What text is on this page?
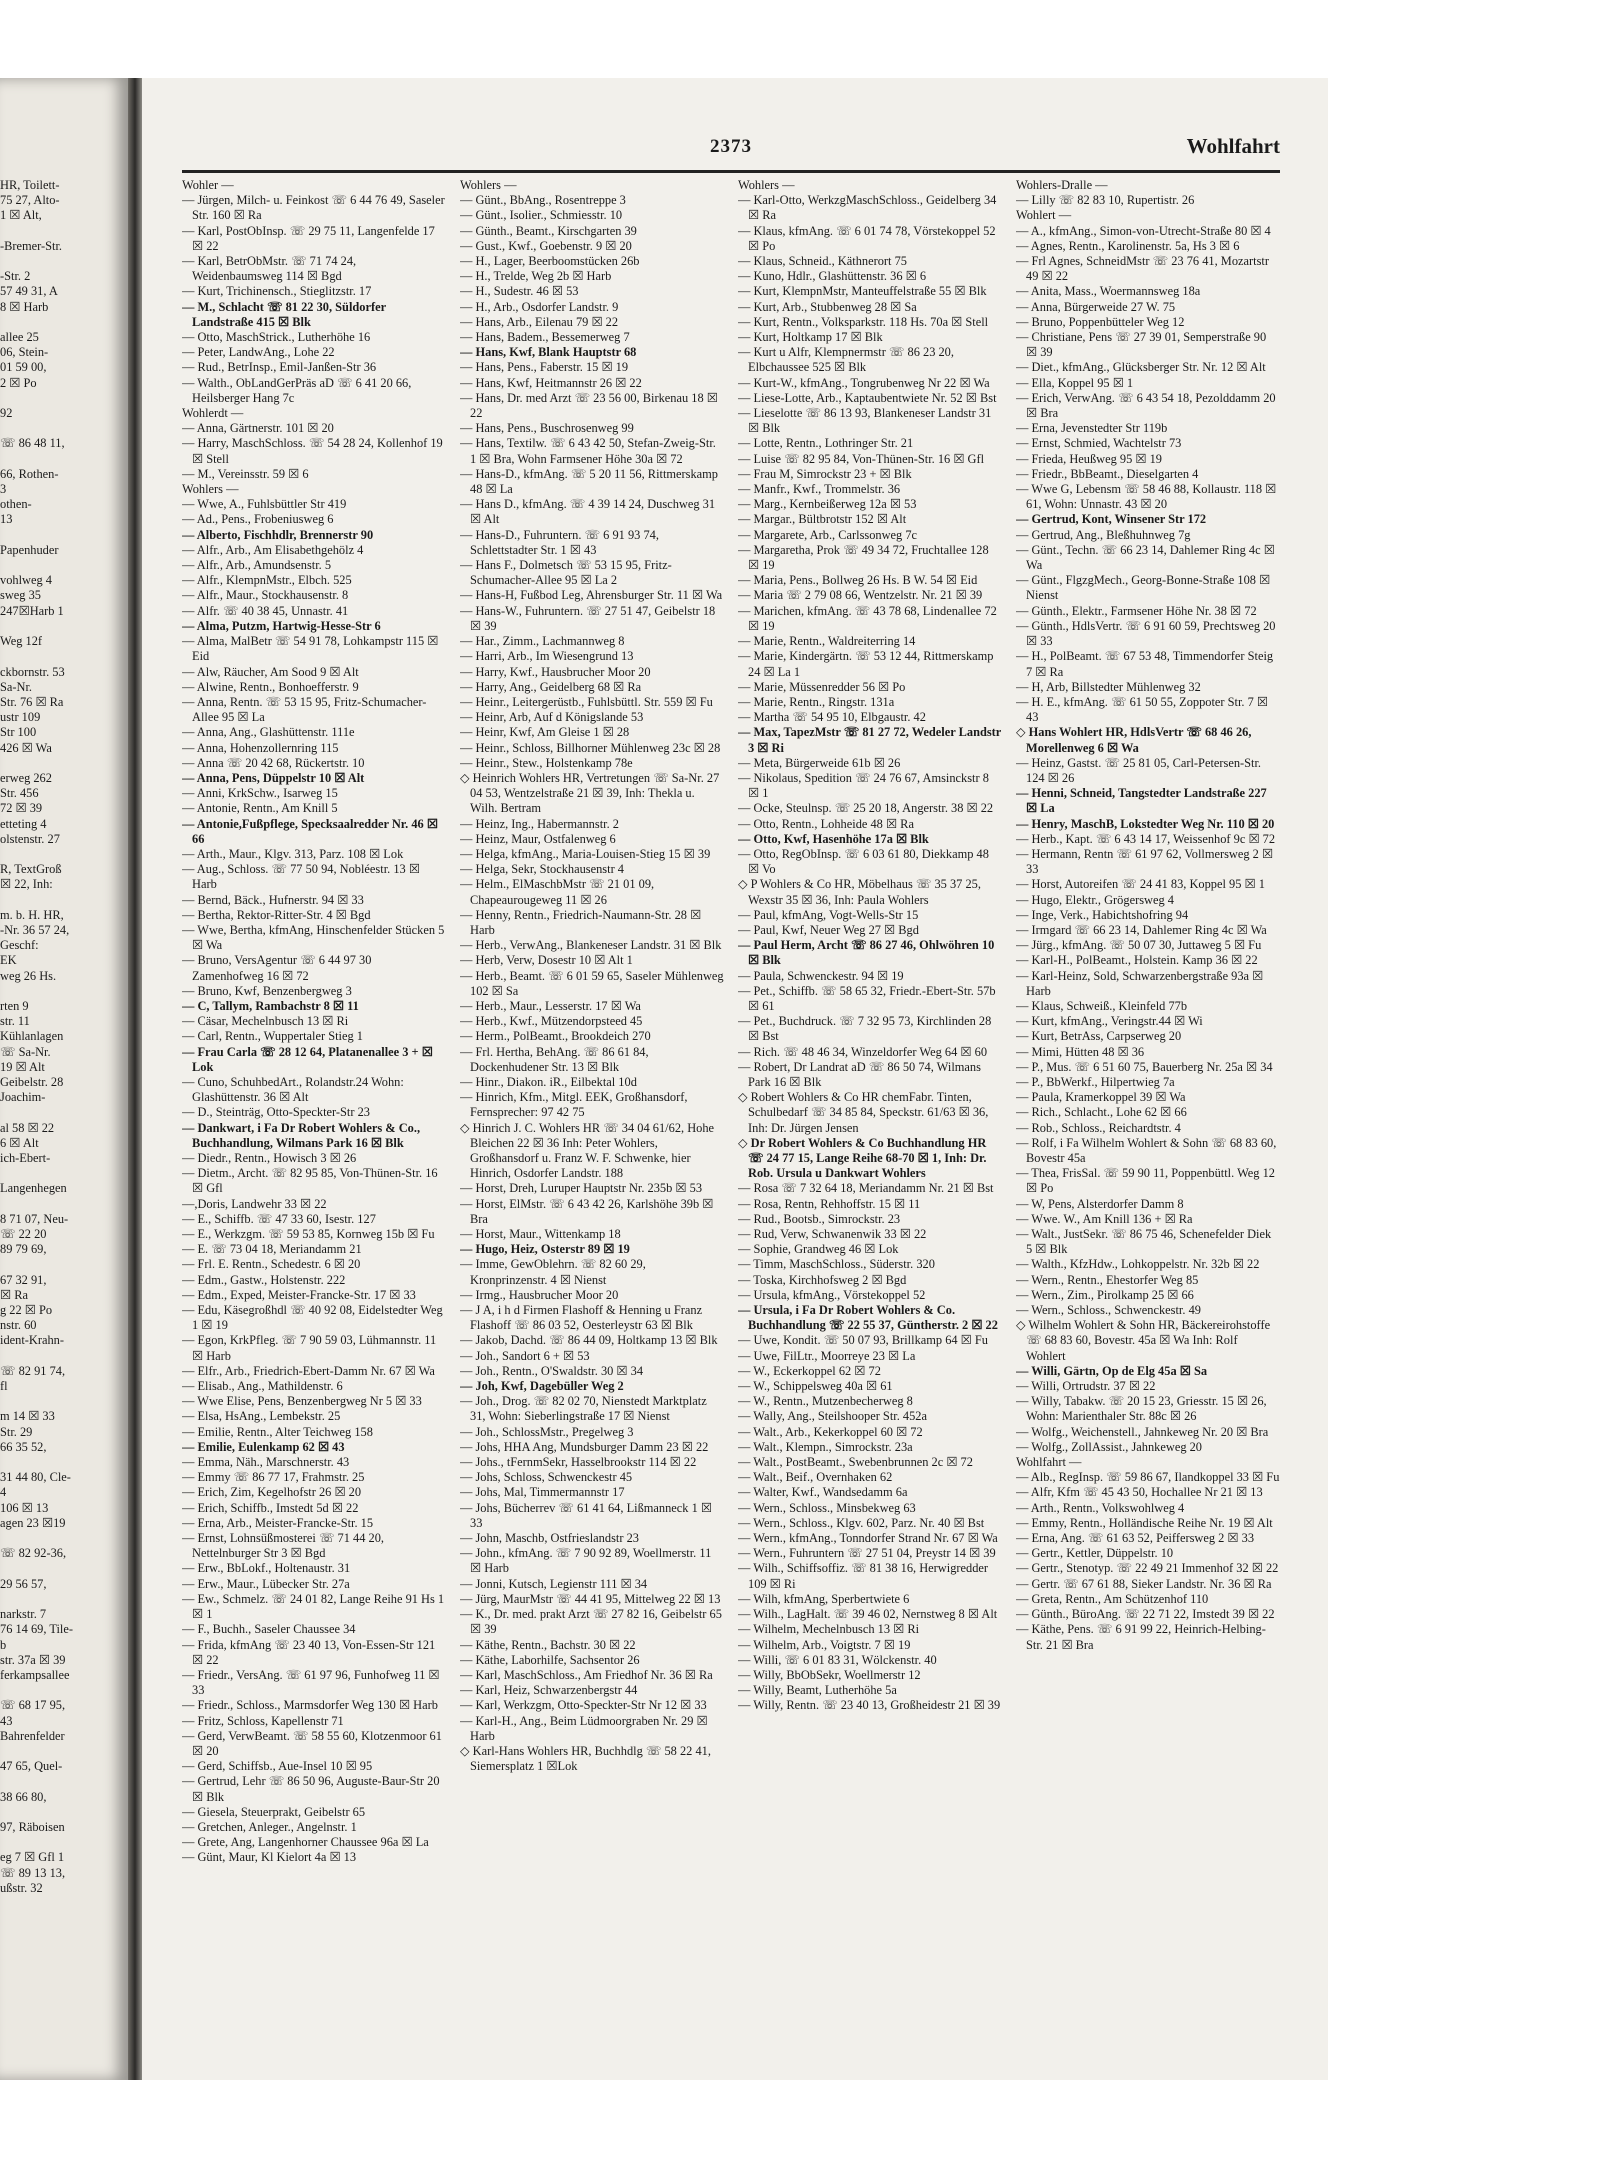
HR, Toilett-

75 27, Alto-

1 ☒ Alt,

-Bremer-Str.

-Str. 2

57 49 31, A

8 ☒ Harb

allee 25

06, Stein-

01 59 00,

2 ☒ Po

92

☏ 86 48 11,

66, Rothen-

3

othen-

13

Papenhuder

vohlweg 4

sweg 35

247☒Harb 1

Weg 12f

ckbornstr. 53

Sa-Nr.

Str. 76 ☒ Ra

ustr 109

Str 100

426 ☒ Wa

erweg 262

Str. 456

72 ☒ 39

etteting 4

olstenstr. 27

R, TextGroß

☒ 22, Inh:

m. b. H. HR,

-Nr. 36 57 24,

Geschf:

EK

weg 26 Hs.

rten 9

str. 11

Kühlanlagen

☏ Sa-Nr.

19 ☒ Alt

Geibelstr. 28

Joachim-

al 58 ☒ 22

6 ☒ Alt

ich-Ebert-

Langenhegen

8 71 07, Neu-

☏ 22 20

89 79 69,

67 32 91,

☒ Ra

g 22 ☒ Po

nstr. 60

ident-Krahn-

☏ 82 91 74,

fl

m 14 ☒ 33

Str. 29

66 35 52,

31 44 80, Cle-

4

106 ☒ 13

agen 23 ☒19

☏ 82 92-36,

29 56 57,

narkstr. 7

76 14 69, Tile-

b

str. 37a ☒ 39

ferkampsallee

☏ 68 17 95,

43

Bahrenfelder

47 65, Quel-

38 66 80,

97, Räboisen

eg 7 ☒ Gfl 1

☏ 89 13 13,

ußstr. 32

2373	Wohlfahrt

Wohler —

— Jürgen, Milch- u. Feinkost ☏ 6 44 76 49, Saseler Str. 160 ☒ Ra

— Karl, PostObInsp. ☏ 29 75 11, Langenfelde 17 ☒ 22

— Karl, BetrObMstr. ☏ 71 74 24, Weidenbaumsweg 114 ☒ Bgd

— Kurt, Trichinensch., Stieglitzstr. 17

— M., Schlacht ☏ 81 22 30, Süldorfer Landstraße 415 ☒ Blk

— Otto, MaschStrick., Lutherhöhe 16

— Peter, LandwAng., Lohe 22

— Rud., BetrInsp., Emil-Janßen-Str 36

— Walth., ObLandGerPräs aD ☏ 6 41 20 66, Heilsberger Hang 7c

Wohlerdt —

— Anna, Gärtnerstr. 101 ☒ 20

— Harry, MaschSchloss. ☏ 54 28 24, Kollenhof 19 ☒ Stell

— M., Vereinsstr. 59 ☒ 6

Wohlers —

— Wwe, A., Fuhlsbüttler Str 419

— Ad., Pens., Frobeniusweg 6

— Alberto, Fischhdlr, Brennerstr 90

— Alfr., Arb., Am Elisabethgehölz 4

— Alfr., Arb., Amundsenstr. 5

— Alfr., KlempnMstr., Elbch. 525

— Alfr., Maur., Stockhausenstr. 8

— Alfr. ☏ 40 38 45, Unnastr. 41

— Alma, Putzm, Hartwig-Hesse-Str 6

— Alma, MalBetr ☏ 54 91 78, Lohkampstr 115 ☒ Eid

— Alw, Räucher, Am Sood 9 ☒ Alt

— Alwine, Rentn., Bonhoefferstr. 9

— Anna, Rentn. ☏ 53 15 95, Fritz-Schumacher-Allee 95 ☒ La

— Anna, Ang., Glashüttenstr. 111e

— Anna, Hohenzollernring 115

— Anna ☏ 20 42 68, Rückertstr. 10

— Anna, Pens, Düppelstr 10 ☒ Alt

— Anni, KrkSchw., Isarweg 15

— Antonie, Rentn., Am Knill 5

— Antonie,Fußpflege, Specksaalredder Nr. 46 ☒ 66

— Arth., Maur., Klgv. 313, Parz. 108 ☒ Lok

— Aug., Schloss. ☏ 77 50 94, Nobléestr. 13 ☒ Harb

— Bernd, Bäck., Hufnerstr. 94 ☒ 33

— Bertha, Rektor-Ritter-Str. 4 ☒ Bgd

— Wwe, Bertha, kfmAng, Hinschenfelder Stücken 5 ☒ Wa

— Bruno, VersAgentur ☏ 6 44 97 30 Zamenhofweg 16 ☒ 72

— Bruno, Kwf, Benzenbergweg 3

— C, Tallym, Rambachstr 8 ☒ 11

— Cäsar, Mechelnbusch 13 ☒ Ri

— Carl, Rentn., Wuppertaler Stieg 1

— Frau Carla ☏ 28 12 64, Platanenallee 3 + ☒ Lok

— Cuno, SchuhbedArt., Rolandstr.24 Wohn: Glashüttenstr. 36 ☒ Alt

— D., Steinträg, Otto-Speckter-Str 23

— Dankwart, i Fa Dr Robert Wohlers & Co., Buchhandlung, Wilmans Park 16 ☒ Blk

— Diedr., Rentn., Howisch 3 ☒ 26

— Dietm., Archt. ☏ 82 95 85, Von-Thünen-Str. 16 ☒ Gfl

—,Doris, Landwehr 33 ☒ 22

— E., Schiffb. ☏ 47 33 60, Isestr. 127

— E., Werkzgm. ☏ 59 53 85, Kornweg 15b ☒ Fu

— E. ☏ 73 04 18, Meriandamm 21

— Frl. E. Rentn., Schedestr. 6 ☒ 20

— Edm., Gastw., Holstenstr. 222

— Edm., Exped, Meister-Francke-Str. 17 ☒ 33

— Edu, Käsegroßhdl ☏ 40 92 08, Eidelstedter Weg 1 ☒ 19

— Egon, KrkPfleg. ☏ 7 90 59 03, Lühmannstr. 11 ☒ Harb

— Elfr., Arb., Friedrich-Ebert-Damm Nr. 67 ☒ Wa

— Elisab., Ang., Mathildenstr. 6

— Wwe Elise, Pens, Benzenbergweg Nr 5 ☒ 33

— Elsa, HsAng., Lembekstr. 25

— Emilie, Rentn., Alter Teichweg 158

— Emilie, Eulenkamp 62 ☒ 43

— Emma, Näh., Marschnerstr. 43

— Emmy ☏ 86 77 17, Frahmstr. 25

— Erich, Zim, Kegelhofstr 26 ☒ 20

— Erich, Schiffb., Imstedt 5d ☒ 22

— Erna, Arb., Meister-Francke-Str. 15

— Ernst, Lohnsüßmosterei ☏ 71 44 20, Nettelnburger Str 3 ☒ Bgd

— Erw., BbLokf., Holtenaustr. 31

— Erw., Maur., Lübecker Str. 27a

— Ew., Schmelz. ☏ 24 01 82, Lange Reihe 91 Hs 1 ☒ 1

— F., Buchh., Saseler Chaussee 34

— Frida, kfmAng ☏ 23 40 13, Von-Essen-Str 121 ☒ 22

— Friedr., VersAng. ☏ 61 97 96, Funhofweg 11 ☒ 33

— Friedr., Schloss., Marmsdorfer Weg 130 ☒ Harb

— Fritz, Schloss, Kapellenstr 71

— Gerd, VerwBeamt. ☏ 58 55 60, Klotzenmoor 61 ☒ 20

— Gerd, Schiffsb., Aue-Insel 10 ☒ 95

— Gertrud, Lehr ☏ 86 50 96, Auguste-Baur-Str 20 ☒ Blk

— Giesela, Steuerprakt, Geibelstr 65

— Gretchen, Anleger., Angelnstr. 1

— Grete, Ang, Langenhorner Chaussee 96a ☒ La

— Günt, Maur, Kl Kielort 4a ☒ 13

Wohlers —

— Günt., BbAng., Rosentreppe 3

— Günt., Isolier., Schmiesstr. 10

— Günth., Beamt., Kirschgarten 39

— Gust., Kwf., Goebenstr. 9 ☒ 20

— H., Lager, Beerboomstücken 26b

— H., Trelde, Weg 2b ☒ Harb

— H., Sudestr. 46 ☒ 53

— H., Arb., Osdorfer Landstr. 9

— Hans, Arb., Eilenau 79 ☒ 22

— Hans, Badem., Bessemerweg 7

— Hans, Kwf, Blank Hauptstr 68

— Hans, Pens., Faberstr. 15 ☒ 19

— Hans, Kwf, Heitmannstr 26 ☒ 22

— Hans, Dr. med Arzt ☏ 23 56 00, Birkenau 18 ☒ 22

— Hans, Pens., Buschrosenweg 99

— Hans, Textilw. ☏ 6 43 42 50, Stefan-Zweig-Str. 1 ☒ Bra, Wohn Farmsener Höhe 30a ☒ 72

— Hans-D., kfmAng. ☏ 5 20 11 56, Rittmerskamp 48 ☒ La

— Hans D., kfmAng. ☏ 4 39 14 24, Duschweg 31 ☒ Alt

— Hans-D., Fuhruntern. ☏ 6 91 93 74, Schlettstadter Str. 1 ☒ 43

— Hans F., Dolmetsch ☏ 53 15 95, Fritz-Schumacher-Allee 95 ☒ La 2

— Hans-H, Fußbod Leg, Ahrensburger Str. 11 ☒ Wa

— Hans-W., Fuhruntern. ☏ 27 51 47, Geibelstr 18 ☒ 39

— Har., Zimm., Lachmannweg 8

— Harri, Arb., Im Wiesengrund 13

— Harry, Kwf., Hausbrucher Moor 20

— Harry, Ang., Geidelberg 68 ☒ Ra

— Heinr., Leitergerüstb., Fuhlsbüttl. Str. 559 ☒ Fu

— Heinr, Arb, Auf d Königslande 53

— Heinr, Kwf, Am Gleise 1 ☒ 28

— Heinr., Schloss, Billhorner Mühlenweg 23c ☒ 28

— Heinr., Stew., Holstenkamp 78e

◇ Heinrich Wohlers HR, Vertretungen ☏ Sa-Nr. 27 04 53, Wentzelstraße 21 ☒ 39, Inh: Thekla u. Wilh. Bertram

— Heinz, Ing., Habermannstr. 2

— Heinz, Maur, Ostfalenweg 6

— Helga, kfmAng., Maria-Louisen-Stieg 15 ☒ 39

— Helga, Sekr, Stockhausenstr 4

— Helm., ElMaschbMstr ☏ 21 01 09, Chapeaurougeweg 11 ☒ 26

— Henny, Rentn., Friedrich-Naumann-Str. 28 ☒ Harb

— Herb., VerwAng., Blankeneser Landstr. 31 ☒ Blk

— Herb, Verw, Dosestr 10 ☒ Alt 1

— Herb., Beamt. ☏ 6 01 59 65, Saseler Mühlenweg 102 ☒ Sa

— Herb., Maur., Lesserstr. 17 ☒ Wa

— Herb., Kwf., Mützendorpsteed 45

— Herm., PolBeamt., Brookdeich 270

— Frl. Hertha, BehAng. ☏ 86 61 84, Dockenhudener Str. 13 ☒ Blk

— Hinr., Diakon. iR., Eilbektal 10d

— Hinrich, Kfm., Mitgl. EEK, Großhansdorf, Fernsprecher: 97 42 75

◇ Hinrich J. C. Wohlers HR ☏ 34 04 61/62, Hohe Bleichen 22 ☒ 36 Inh: Peter Wohlers, Großhansdorf u. Franz W. F. Schwenke, hier Hinrich, Osdorfer Landstr. 188

— Horst, Dreh, Luruper Hauptstr Nr. 235b ☒ 53

— Horst, ElMstr. ☏ 6 43 42 26, Karlshöhe 39b ☒ Bra

— Horst, Maur., Wittenkamp 18

— Hugo, Heiz, Osterstr 89 ☒ 19

— Imme, GewOblehrn. ☏ 82 60 29, Kronprinzenstr. 4 ☒ Nienst

— Irmg., Hausbrucher Moor 20

— J A, i h d Firmen Flashoff & Henning u Franz Flashoff ☏ 86 03 52, Oesterleystr 63 ☒ Blk

— Jakob, Dachd. ☏ 86 44 09, Holtkamp 13 ☒ Blk

— Joh., Sandort 6 + ☒ 53

— Joh., Rentn., O'Swaldstr. 30 ☒ 34

— Joh, Kwf, Dagebüller Weg 2

— Joh., Drog. ☏ 82 02 70, Nienstedt Marktplatz 31, Wohn: Sieberlingstraße 17 ☒ Nienst

— Joh., SchlossMstr., Pregelweg 3

— Johs, HHA Ang, Mundsburger Damm 23 ☒ 22

— Johs., tFernmSekr, Hasselbrookstr 114 ☒ 22

— Johs, Schloss, Schwenckestr 45

— Johs, Mal, Timmermannstr 17

— Johs, Bücherrev ☏ 61 41 64, Lißmanneck 1 ☒ 33

— John, Maschb, Ostfrieslandstr 23

— John., kfmAng. ☏ 7 90 92 89, Woellmerstr. 11 ☒ Harb

— Jonni, Kutsch, Legienstr 111 ☒ 34

— Jürg, MaurMstr ☏ 44 41 95, Mittelweg 22 ☒ 13

— K., Dr. med. prakt Arzt ☏ 27 82 16, Geibelstr 65 ☒ 39

— Käthe, Rentn., Bachstr. 30 ☒ 22

— Käthe, Laborhilfe, Sachsentor 26

— Karl, MaschSchloss., Am Friedhof Nr. 36 ☒ Ra

— Karl, Heiz, Schwarzenbergstr 44

— Karl, Werkzgm, Otto-Speckter-Str Nr 12 ☒ 33

— Karl-H., Ang., Beim Lüdmoorgraben Nr. 29 ☒ Harb

◇ Karl-Hans Wohlers HR, Buchhdlg ☏ 58 22 41, Siemersplatz 1 ☒Lok

Wohlers —

— Karl-Otto, WerkzgMaschSchloss., Geidelberg 34 ☒ Ra

— Klaus, kfmAng. ☏ 6 01 74 78, Vörstekoppel 52 ☒ Po

— Klaus, Schneid., Käthnerort 75

— Kuno, Hdlr., Glashüttenstr. 36 ☒ 6

— Kurt, KlempnMstr, Manteuffelstraße 55 ☒ Blk

— Kurt, Arb., Stubbenweg 28 ☒ Sa

— Kurt, Rentn., Volksparkstr. 118 Hs. 70a ☒ Stell

— Kurt, Holtkamp 17 ☒ Blk

— Kurt u Alfr, Klempnermstr ☏ 86 23 20, Elbchaussee 525 ☒ Blk

— Kurt-W., kfmAng., Tongrubenweg Nr 22 ☒ Wa

— Liese-Lotte, Arb., Kaptaubentwiete Nr. 52 ☒ Bst

— Lieselotte ☏ 86 13 93, Blankeneser Landstr 31 ☒ Blk

— Lotte, Rentn., Lothringer Str. 21

— Luise ☏ 82 95 84, Von-Thünen-Str. 16 ☒ Gfl

— Frau M, Simrockstr 23 + ☒ Blk

— Manfr., Kwf., Trommelstr. 36

— Marg., Kernbeißerweg 12a ☒ 53

— Margar., Bültbrotstr 152 ☒ Alt

— Margarete, Arb., Carlssonweg 7c

— Margaretha, Prok ☏ 49 34 72, Fruchtallee 128 ☒ 19

— Maria, Pens., Bollweg 26 Hs. B W. 54 ☒ Eid

— Maria ☏ 2 79 08 66, Wentzelstr. Nr. 21 ☒ 39

— Marichen, kfmAng. ☏ 43 78 68, Lindenallee 72 ☒ 19

— Marie, Rentn., Waldreiterring 14

— Marie, Kindergärtn. ☏ 53 12 44, Rittmerskamp 24 ☒ La 1

— Marie, Müssenredder 56 ☒ Po

— Marie, Rentn., Ringstr. 131a

— Martha ☏ 54 95 10, Elbgaustr. 42

— Max, TapezMstr ☏ 81 27 72, Wedeler Landstr 3 ☒ Ri

— Meta, Bürgerweide 61b ☒ 26

— Nikolaus, Spedition ☏ 24 76 67, Amsinckstr 8 ☒ 1

— Ocke, Steulnsp. ☏ 25 20 18, Angerstr. 38 ☒ 22

— Otto, Rentn., Lohheide 48 ☒ Ra

— Otto, Kwf, Hasenhöhe 17a ☒ Blk

— Otto, RegObInsp. ☏ 6 03 61 80, Diekkamp 48 ☒ Vo

◇ P Wohlers & Co HR, Möbelhaus ☏ 35 37 25, Wexstr 35 ☒ 36, Inh: Paula Wohlers

— Paul, kfmAng, Vogt-Wells-Str 15

— Paul, Kwf, Neuer Weg 27 ☒ Bgd

— Paul Herm, Archt ☏ 86 27 46, Ohlwöhren 10 ☒ Blk

— Paula, Schwenckestr. 94 ☒ 19

— Pet., Schiffb. ☏ 58 65 32, Friedr.-Ebert-Str. 57b ☒ 61

— Pet., Buchdruck. ☏ 7 32 95 73, Kirchlinden 28 ☒ Bst

— Rich. ☏ 48 46 34, Winzeldorfer Weg 64 ☒ 60

— Robert, Dr Landrat aD ☏ 86 50 74, Wilmans Park 16 ☒ Blk

◇ Robert Wohlers & Co HR chemFabr. Tinten, Schulbedarf ☏ 34 85 84, Speckstr. 61/63 ☒ 36, Inh: Dr. Jürgen Jensen

◇ Dr Robert Wohlers & Co Buchhandlung HR ☏ 24 77 15, Lange Reihe 68-70 ☒ 1, Inh: Dr. Rob. Ursula u Dankwart Wohlers

— Rosa ☏ 7 32 64 18, Meriandamm Nr. 21 ☒ Bst

— Rosa, Rentn, Rehhoffstr. 15 ☒ 11

— Rud., Bootsb., Simrockstr. 23

— Rud, Verw, Schwanenwik 33 ☒ 22

— Sophie, Grandweg 46 ☒ Lok

— Timm, MaschSchloss., Süderstr. 320

— Toska, Kirchhofsweg 2 ☒ Bgd

— Ursula, kfmAng., Vörstekoppel 52

— Ursula, i Fa Dr Robert Wohlers & Co. Buchhandlung ☏ 22 55 37, Güntherstr. 2 ☒ 22

— Uwe, Kondit. ☏ 50 07 93, Brillkamp 64 ☒ Fu

— Uwe, FilLtr., Moorreye 23 ☒ La

— W., Eckerkoppel 62 ☒ 72

— W., Schippelsweg 40a ☒ 61

— W., Rentn., Mutzenbecherweg 8

— Wally, Ang., Steilshooper Str. 452a

— Walt., Arb., Kekerkoppel 60 ☒ 72

— Walt., Klempn., Simrockstr. 23a

— Walt., PostBeamt., Swebenbrunnen 2c ☒ 72

— Walt., Beif., Overnhaken 62

— Walter, Kwf., Wandsedamm 6a

— Wern., Schloss., Minsbekweg 63

— Wern., Schloss., Klgv. 602, Parz. Nr. 40 ☒ Bst

— Wern., kfmAng., Tonndorfer Strand Nr. 67 ☒ Wa

— Wern., Fuhruntern ☏ 27 51 04, Preystr 14 ☒ 39

— Wilh., Schiffsoffiz. ☏ 81 38 16, Herwigredder 109 ☒ Ri

— Wilh, kfmAng, Sperbertwiete 6

— Wilh., LagHalt. ☏ 39 46 02, Nernstweg 8 ☒ Alt

— Wilhelm, Mechelnbusch 13 ☒ Ri

— Wilhelm, Arb., Voigtstr. 7 ☒ 19

— Willi, ☏ 6 01 83 31, Wölckenstr. 40

— Willy, BbObSekr, Woellmerstr 12

— Willy, Beamt, Lutherhöhe 5a

— Willy, Rentn. ☏ 23 40 13, Großheidestr 21 ☒ 39

Wohlers-Dralle —

— Lilly ☏ 82 83 10, Rupertistr. 26

Wohlert —

— A., kfmAng., Simon-von-Utrecht-Straße 80 ☒ 4

— Agnes, Rentn., Karolinenstr. 5a, Hs 3 ☒ 6

— Frl Agnes, SchneidMstr ☏ 23 76 41, Mozartstr 49 ☒ 22

— Anita, Mass., Woermannsweg 18a

— Anna, Bürgerweide 27 W. 75

— Bruno, Poppenbütteler Weg 12

— Christiane, Pens ☏ 27 39 01, Semperstraße 90 ☒ 39

— Diet., kfmAng., Glücksberger Str. Nr. 12 ☒ Alt

— Ella, Koppel 95 ☒ 1

— Erich, VerwAng. ☏ 6 43 54 18, Pezolddamm 20 ☒ Bra

— Erna, Jevenstedter Str 119b

— Ernst, Schmied, Wachtelstr 73

— Frieda, Heußweg 95 ☒ 19

— Friedr., BbBeamt., Dieselgarten 4

— Wwe G, Lebensm ☏ 58 46 88, Kollaustr. 118 ☒ 61, Wohn: Unnastr. 43 ☒ 20

— Gertrud, Kont, Winsener Str 172

— Gertrud, Ang., Bleßhuhnweg 7g

— Günt., Techn. ☏ 66 23 14, Dahlemer Ring 4c ☒ Wa

— Günt., FlgzgMech., Georg-Bonne-Straße 108 ☒ Nienst

— Günth., Elektr., Farmsener Höhe Nr. 38 ☒ 72

— Günth., HdlsVertr. ☏ 6 91 60 59, Prechtsweg 20 ☒ 33

— H., PolBeamt. ☏ 67 53 48, Timmendorfer Steig 7 ☒ Ra

— H, Arb, Billstedter Mühlenweg 32

— H. E., kfmAng. ☏ 61 50 55, Zoppoter Str. 7 ☒ 43

◇ Hans Wohlert HR, HdlsVertr ☏ 68 46 26, Morellenweg 6 ☒ Wa

— Heinz, Gastst. ☏ 25 81 05, Carl-Petersen-Str. 124 ☒ 26

— Henni, Schneid, Tangstedter Landstraße 227 ☒ La

— Henry, MaschB, Lokstedter Weg Nr. 110 ☒ 20

— Herb., Kapt. ☏ 6 43 14 17, Weissenhof 9c ☒ 72

— Hermann, Rentn ☏ 61 97 62, Vollmersweg 2 ☒ 33

— Horst, Autoreifen ☏ 24 41 83, Koppel 95 ☒ 1

— Hugo, Elektr., Grögersweg 4

— Inge, Verk., Habichtshofring 94

— Irmgard ☏ 66 23 14, Dahlemer Ring 4c ☒ Wa

— Jürg., kfmAng. ☏ 50 07 30, Juttaweg 5 ☒ Fu

— Karl-H., PolBeamt., Holstein. Kamp 36 ☒ 22

— Karl-Heinz, Sold, Schwarzenbergstraße 93a ☒ Harb

— Klaus, Schweiß., Kleinfeld 77b

— Kurt, kfmAng., Veringstr.44 ☒ Wi

— Kurt, BetrAss, Carpserweg 20

— Mimi, Hütten 48 ☒ 36

— P., Mus. ☏ 6 51 60 75, Bauerberg Nr. 25a ☒ 34

— P., BbWerkf., Hilpertwieg 7a

— Paula, Kramerkoppel 39 ☒ Wa

— Rich., Schlacht., Lohe 62 ☒ 66

— Rob., Schloss., Reichardtstr. 4

— Rolf, i Fa Wilhelm Wohlert & Sohn ☏ 68 83 60, Bovestr 45a

— Thea, FrisSal. ☏ 59 90 11, Poppenbüttl. Weg 12 ☒ Po

— W, Pens, Alsterdorfer Damm 8

— Wwe. W., Am Knill 136 + ☒ Ra

— Walt., JustSekr. ☏ 86 75 46, Schenefelder Diek 5 ☒ Blk

— Walth., KfzHdw., Lohkoppelstr. Nr. 32b ☒ 22

— Wern., Rentn., Ehestorfer Weg 85

— Wern., Zim., Pirolkamp 25 ☒ 66

— Wern., Schloss., Schwenckestr. 49

◇ Wilhelm Wohlert & Sohn HR, Bäckereirohstoffe ☏ 68 83 60, Bovestr. 45a ☒ Wa Inh: Rolf Wohlert

— Willi, Gärtn, Op de Elg 45a ☒ Sa

— Willi, Ortrudstr. 37 ☒ 22

— Willy, Tabakw. ☏ 20 15 23, Griesstr. 15 ☒ 26, Wohn: Marienthaler Str. 88c ☒ 26

— Wolfg., Weichenstell., Jahnkeweg Nr. 20 ☒ Bra

— Wolfg., ZollAssist., Jahnkeweg 20

Wohlfahrt —

— Alb., RegInsp. ☏ 59 86 67, Ilandkoppel 33 ☒ Fu

— Alfr, Kfm ☏ 45 43 50, Hochallee Nr 21 ☒ 13

— Arth., Rentn., Volkswohlweg 4

— Emmy, Rentn., Holländische Reihe Nr. 19 ☒ Alt

— Erna, Ang. ☏ 61 63 52, Peiffersweg 2 ☒ 33

— Gertr., Kettler, Düppelstr. 10

— Gertr., Stenotyp. ☏ 22 49 21 Immenhof 32 ☒ 22

— Gertr. ☏ 67 61 88, Sieker Landstr. Nr. 36 ☒ Ra

— Greta, Rentn., Am Schützenhof 110

— Günth., BüroAng. ☏ 22 71 22, Imstedt 39 ☒ 22

— Käthe, Pens. ☏ 6 91 99 22, Heinrich-Helbing-Str. 21 ☒ Bra
